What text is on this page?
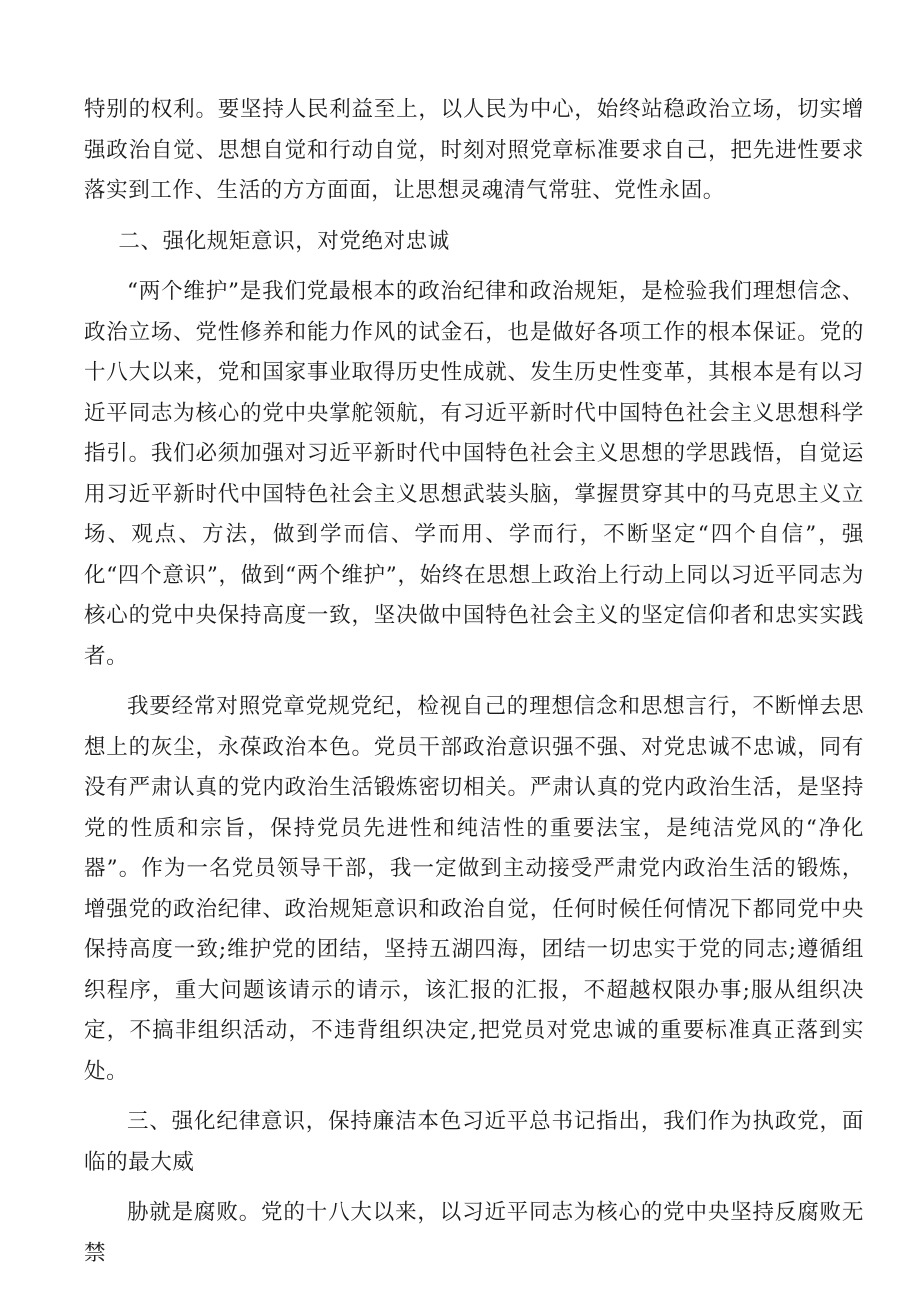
特别的权利。要坚持人民利益至上，以人民为中心，始终站稳政治立场，切实增强政治自觉、思想自觉和行动自觉，时刻对照党章标准要求自己，把先进性要求落实到工作、生活的方方面面，让思想灵魂清气常驻、党性永固。

二、强化规矩意识，对党绝对忠诚

“两个维护”是我们党最根本的政治纪律和政治规矩，是检验我们理想信念、政治立场、党性修养和能力作风的试金石，也是做好各项工作的根本保证。党的十八大以来，党和国家事业取得历史性成就、发生历史性变革，其根本是有以习近平同志为核心的党中央掌舵领航，有习近平新时代中国特色社会主义思想科学指引。我们必须加强对习近平新时代中国特色社会主义思想的学思践悟，自觉运用习近平新时代中国特色社会主义思想武装头脑，掌握贯穿其中的马克思主义立场、观点、方法，做到学而信、学而用、学而行，不断坚定“四个自信”，强化“四个意识”，做到“两个维护”，始终在思想上政治上行动上同以习近平同志为核心的党中央保持高度一致，坚决做中国特色社会主义的坚定信仰者和忠实实践者。

我要经常对照党章党规党纪，检视自己的理想信念和思想言行，不断惮去思想上的灰尘，永葆政治本色。党员干部政治意识强不强、对党忠诚不忠诚，同有没有严肃认真的党内政治生活锻炼密切相关。严肃认真的党内政治生活，是坚持党的性质和宗旨，保持党员先进性和纯洁性的重要法宝，是纯洁党风的“净化器”。作为一名党员领导干部，我一定做到主动接受严肃党内政治生活的锻炼，增强党的政治纪律、政治规矩意识和政治自觉，任何时候任何情况下都同党中央保持高度一致;维护党的团结，坚持五湖四海，团结一切忠实于党的同志;遵循组织程序，重大问题该请示的请示，该汇报的汇报，不超越权限办事;服从组织决定，不搞非组织活动，不违背组织决定,把党员对党忠诚的重要标准真正落到实处。

三、强化纪律意识，保持廉洁本色习近平总书记指出，我们作为执政党，面临的最大威

胁就是腐败。党的十八大以来，以习近平同志为核心的党中央坚持反腐败无禁
